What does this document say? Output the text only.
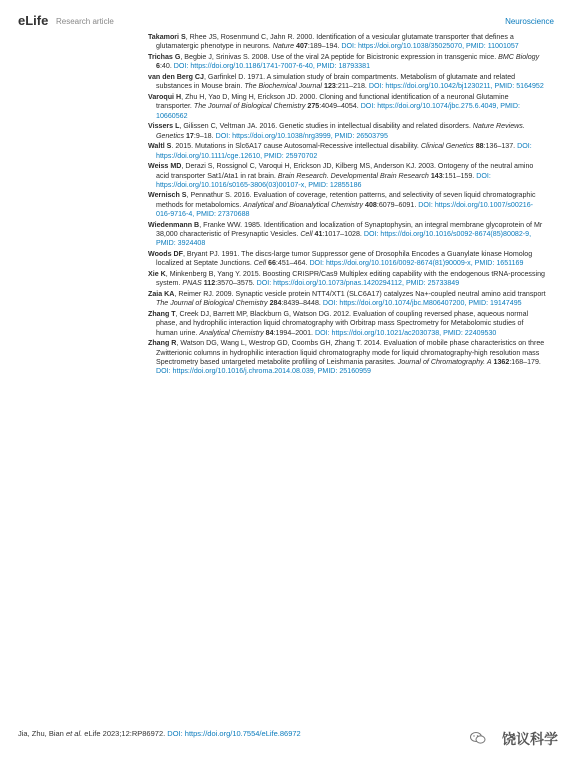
eLife Research article	Neuroscience

Takamori S, Rhee JS, Rosenmund C, Jahn R. 2000. Identification of a vesicular glutamate transporter that defines a glutamatergic phenotype in neurons. Nature 407:189–194. DOI: https://doi.org/10.1038/35025070, PMID: 11001057

Trichas G, Begbie J, Srinivas S. 2008. Use of the viral 2A peptide for Bicistronic expression in transgenic mice. BMC Biology 6:40. DOI: https://doi.org/10.1186/1741-7007-6-40, PMID: 18793381

van den Berg CJ, Garfinkel D. 1971. A simulation study of brain compartments. Metabolism of glutamate and related substances in Mouse brain. The Biochemical Journal 123:211–218. DOI: https://doi.org/10.1042/bj1230211, PMID: 5164952

Varoqui H, Zhu H, Yao D, Ming H, Erickson JD. 2000. Cloning and functional identification of a neuronal Glutamine transporter. The Journal of Biological Chemistry 275:4049–4054. DOI: https://doi.org/10.1074/jbc.275.6.4049, PMID: 10660562

Vissers L, Gilissen C, Veltman JA. 2016. Genetic studies in intellectual disability and related disorders. Nature Reviews. Genetics 17:9–18. DOI: https://doi.org/10.1038/nrg3999, PMID: 26503795

Waltl S. 2015. Mutations in Slc6A17 cause Autosomal-Recessive intellectual disability. Clinical Genetics 88:136–137. DOI: https://doi.org/10.1111/cge.12610, PMID: 25970702

Weiss MD, Derazi S, Rossignol C, Varoqui H, Erickson JD, Kilberg MS, Anderson KJ. 2003. Ontogeny of the neutral amino acid transporter Sat1/Ata1 in rat brain. Brain Research. Developmental Brain Research 143:151–159. DOI: https://doi.org/10.1016/s0165-3806(03)00107-x, PMID: 12855186

Wernisch S, Pennathur S. 2016. Evaluation of coverage, retention patterns, and selectivity of seven liquid chromatographic methods for metabolomics. Analytical and Bioanalytical Chemistry 408:6079–6091. DOI: https://doi.org/10.1007/s00216-016-9716-4, PMID: 27370688

Wiedenmann B, Franke WW. 1985. Identification and localization of Synaptophysin, an integral membrane glycoprotein of Mr 38,000 characteristic of Presynaptic Vesicles. Cell 41:1017–1028. DOI: https://doi.org/10.1016/s0092-8674(85)80082-9, PMID: 3924408

Woods DF, Bryant PJ. 1991. The discs-large tumor Suppressor gene of Drosophila Encodes a Guanylate kinase Homolog localized at Septate Junctions. Cell 66:451–464. DOI: https://doi.org/10.1016/0092-8674(81)90009-x, PMID: 1651169

Xie K, Minkenberg B, Yang Y. 2015. Boosting CRISPR/Cas9 Multiplex editing capability with the endogenous tRNA-processing system. PNAS 112:3570–3575. DOI: https://doi.org/10.1073/pnas.1420294112, PMID: 25733849

Zaia KA, Reimer RJ. 2009. Synaptic vesicle protein NTT4/XT1 (SLC6A17) catalyzes Na+-coupled neutral amino acid transport The Journal of Biological Chemistry 284:8439–8448. DOI: https://doi.org/10.1074/jbc.M806407200, PMID: 19147495

Zhang T, Creek DJ, Barrett MP, Blackburn G, Watson DG. 2012. Evaluation of coupling reversed phase, aqueous normal phase, and hydrophilic interaction liquid chromatography with Orbitrap mass Spectrometry for Metabolomic studies of human urine. Analytical Chemistry 84:1994–2001. DOI: https://doi.org/10.1021/ac2030738, PMID: 22409530

Zhang R, Watson DG, Wang L, Westrop GD, Coombs GH, Zhang T. 2014. Evaluation of mobile phase characteristics on three Zwitterionic columns in hydrophilic interaction liquid chromatography mode for liquid chromatography-high resolution mass Spectrometry based untargeted metabolite profiling of Leishmania parasites. Journal of Chromatography. A 1362:168–179. DOI: https://doi.org/10.1016/j.chroma.2014.08.039, PMID: 25160959

Jia, Zhu, Bian et al. eLife 2023;12:RP86972. DOI: https://doi.org/10.7554/eLife.86972	饶议科学
